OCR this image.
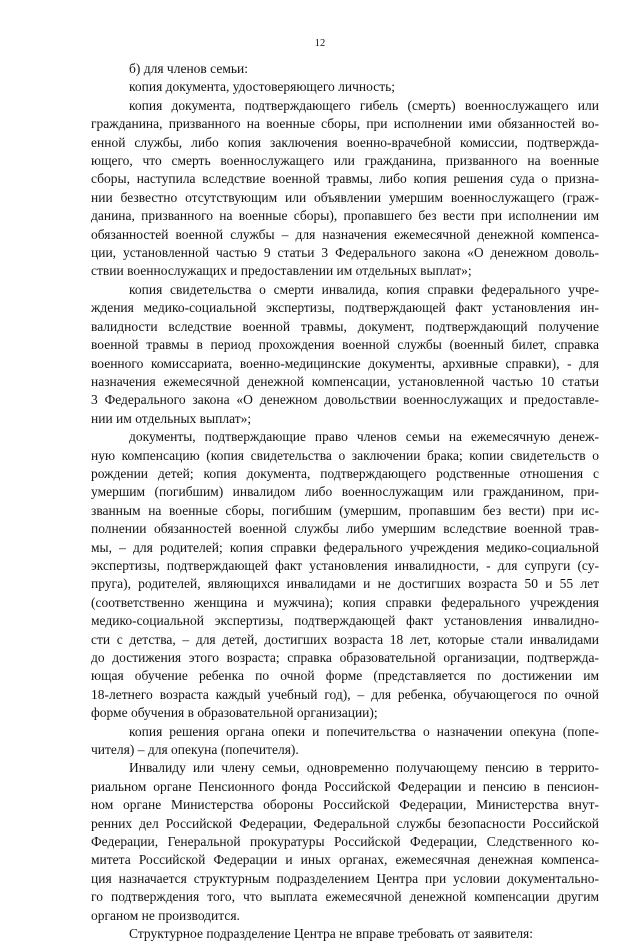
12
б) для членов семьи:
копия документа, удостоверяющего личность;
копия документа, подтверждающего гибель (смерть) военнослужащего или
гражданина, призванного на военные сборы, при исполнении ими обязанностей во-
енной службы, либо копия заключения военно-врачебной комиссии, подтвержда-
ющего, что смерть военнослужащего или гражданина, призванного на военные
сборы, наступила вследствие военной травмы, либо копия решения суда о призна-
нии безвестно отсутствующим или объявлении умершим военнослужащего (граж-
данина, призванного на военные сборы), пропавшего без вести при исполнении им
обязанностей военной службы – для назначения ежемесячной денежной компенса-
ции, установленной частью 9 статьи 3 Федерального закона «О денежном доволь-
ствии военнослужащих и предоставлении им отдельных выплат»;
копия свидетельства о смерти инвалида, копия справки федерального учре-
ждения медико-социальной экспертизы, подтверждающей факт установления ин-
валидности вследствие военной травмы, документ, подтверждающий получение
военной травмы в период прохождения военной службы (военный билет, справка
военного комиссариата, военно-медицинские документы, архивные справки), - для
назначения ежемесячной денежной компенсации, установленной частью 10 статьи
3 Федерального закона «О денежном довольствии военнослужащих и предоставле-
нии им отдельных выплат»;
документы, подтверждающие право членов семьи на ежемесячную денеж-
ную компенсацию (копия свидетельства о заключении брака; копии свидетельств о
рождении детей; копия документа, подтверждающего родственные отношения с
умершим (погибшим) инвалидом либо военнослужащим или гражданином, при-
званным на военные сборы, погибшим (умершим, пропавшим без вести) при ис-
полнении обязанностей военной службы либо умершим вследствие военной трав-
мы, – для родителей; копия справки федерального учреждения медико-социальной
экспертизы, подтверждающей факт установления инвалидности, - для супруги (су-
пруга), родителей, являющихся инвалидами и не достигших возраста 50 и 55 лет
(соответственно женщина и мужчина); копия справки федерального учреждения
медико-социальной экспертизы, подтверждающей факт установления инвалидно-
сти с детства, – для детей, достигших возраста 18 лет, которые стали инвалидами
до достижения этого возраста; справка образовательной организации, подтвержда-
ющая обучение ребенка по очной форме (представляется по достижении им
18-летнего возраста каждый учебный год), – для ребенка, обучающегося по очной
форме обучения в образовательной организации);
копия решения органа опеки и попечительства о назначении опекуна (попе-
чителя) – для опекуна (попечителя).
Инвалиду или члену семьи, одновременно получающему пенсию в террито-
риальном органе Пенсионного фонда Российской Федерации и пенсию в пенсион-
ном органе Министерства обороны Российской Федерации, Министерства внут-
ренних дел Российской Федерации, Федеральной службы безопасности Российской
Федерации, Генеральной прокуратуры Российской Федерации, Следственного ко-
митета Российской Федерации и иных органах, ежемесячная денежная компенса-
ция назначается структурным подразделением Центра при условии документально-
го подтверждения того, что выплата ежемесячной денежной компенсации другим
органом не производится.
Структурное подразделение Центра не вправе требовать от заявителя:
